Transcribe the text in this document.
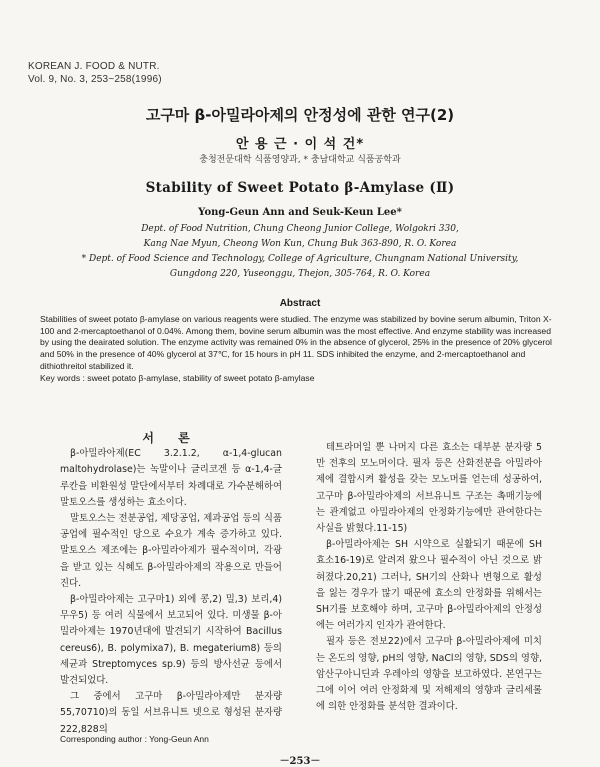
KOREAN J. FOOD & NUTR.
Vol. 9, No. 3, 253~258(1996)
고구마 β-아밀라아제의 안정성에 관한 연구(2)
안 용 근 · 이 석 건*
충청전문대학 식품영양과, * 충남대학교 식품공학과
Stability of Sweet Potato β-Amylase (Ⅱ)
Yong-Geun Ann and Seuk-Keun Lee*
Dept. of Food Nutrition, Chung Cheong Junior College, Wolgokri 330,
Kang Nae Myun, Cheong Won Kun, Chung Buk 363-890, R. O. Korea
* Dept. of Food Science and Technology, College of Agriculture, Chungnam National University,
Gungdong 220, Yuseonggu, Thejon, 305-764, R. O. Korea
Abstract

Stabilities of sweet potato β-amylase on various reagents were studied. The enzyme was stabilized by bovine serum albumin, Triton X-100 and 2-mercaptoethanol of 0.04%. Among them, bovine serum albumin was the most effective. And enzyme stability was increased by using the deairated solution. The enzyme activity was remained 0% in the absence of glycerol, 25% in the presence of 20% glycerol and 50% in the presence of 40% glycerol at 37℃, for 15 hours in pH 11. SDS inhibited the enzyme, and 2-mercaptoethanol and dithiothreitol stabilized it.

Key words : sweet potato β-amylase, stability of sweet potato β-amylase

서 론

β-아밀라아제(EC 3.2.1.2, α-1,4-glucan maltohydrolase)는 녹말이나 글리코겐 등 α-1,4-글루칸을 비환원성 말단에서부터 차례대로 가수분해하여 말토오스를 생성하는 효소이다.

말토오스는 전분공업, 제당공업, 제과공업 등의 식품공업에 필수적인 당으로 수요가 계속 증가하고 있다. 말토오스 제조에는 β-아밀라아제가 필수적이며, 각광을 받고 있는 식혜도 β-아밀라아제의 작용으로 만들어진다.

β-아밀라아제는 고구마1) 외에 콩,2) 밀,3) 보리,4) 무우5) 등 여러 식물에서 보고되어 있다. 미생물 β-아밀라아제는 1970년대에 발견되기 시작하여 Bacillus cereus6), B. polymixa7), B. megaterium8) 등의 세균과 Streptomyces sp.9) 등의 방사선균 등에서 발견되었다.

그 중에서 고구마 β-아밀라아제만 분자량 55,70710)의 동일 서브유니트 넷으로 형성된 분자량 222,828의

테트라머일 뿐 나머지 다른 효소는 대부분 분자량 5만 전후의 모노머이다. 필자 등은 산화전분을 아밀라아제에 결합시켜 활성을 갖는 모노머를 얻는데 성공하여, 고구마 β-아밀라아제의 서브유니트 구조는 촉매기능에는 관계없고 아밀라아제의 안정화기능에만 관여한다는 사실을 밝혔다.11-15)

β-아밀라아제는 SH 시약으로 실활되기 때문에 SH 효소16-19)로 알려져 왔으나 필수적이 아닌 것으로 밝혀졌다.20,21) 그러나, SH기의 산화나 변형으로 활성을 잃는 경우가 많기 때문에 효소의 안정화를 위해서는 SH기를 보호해야 하며, 고구마 β-아밀라아제의 안정성에는 여러가지 인자가 관여한다.

필자 등은 전보22)에서 고구마 β-아밀라아제에 미치는 온도의 영향, pH의 영향, NaCl의 영향, SDS의 영향, 암산구아니딘과 우레아의 영향을 보고하였다. 본연구는 그에 이어 여러 안정화제 및 저해제의 영향과 글리세롤에 의한 안정화를 분석한 결과이다.

Corresponding author : Yong-Geun Ann
－253－
